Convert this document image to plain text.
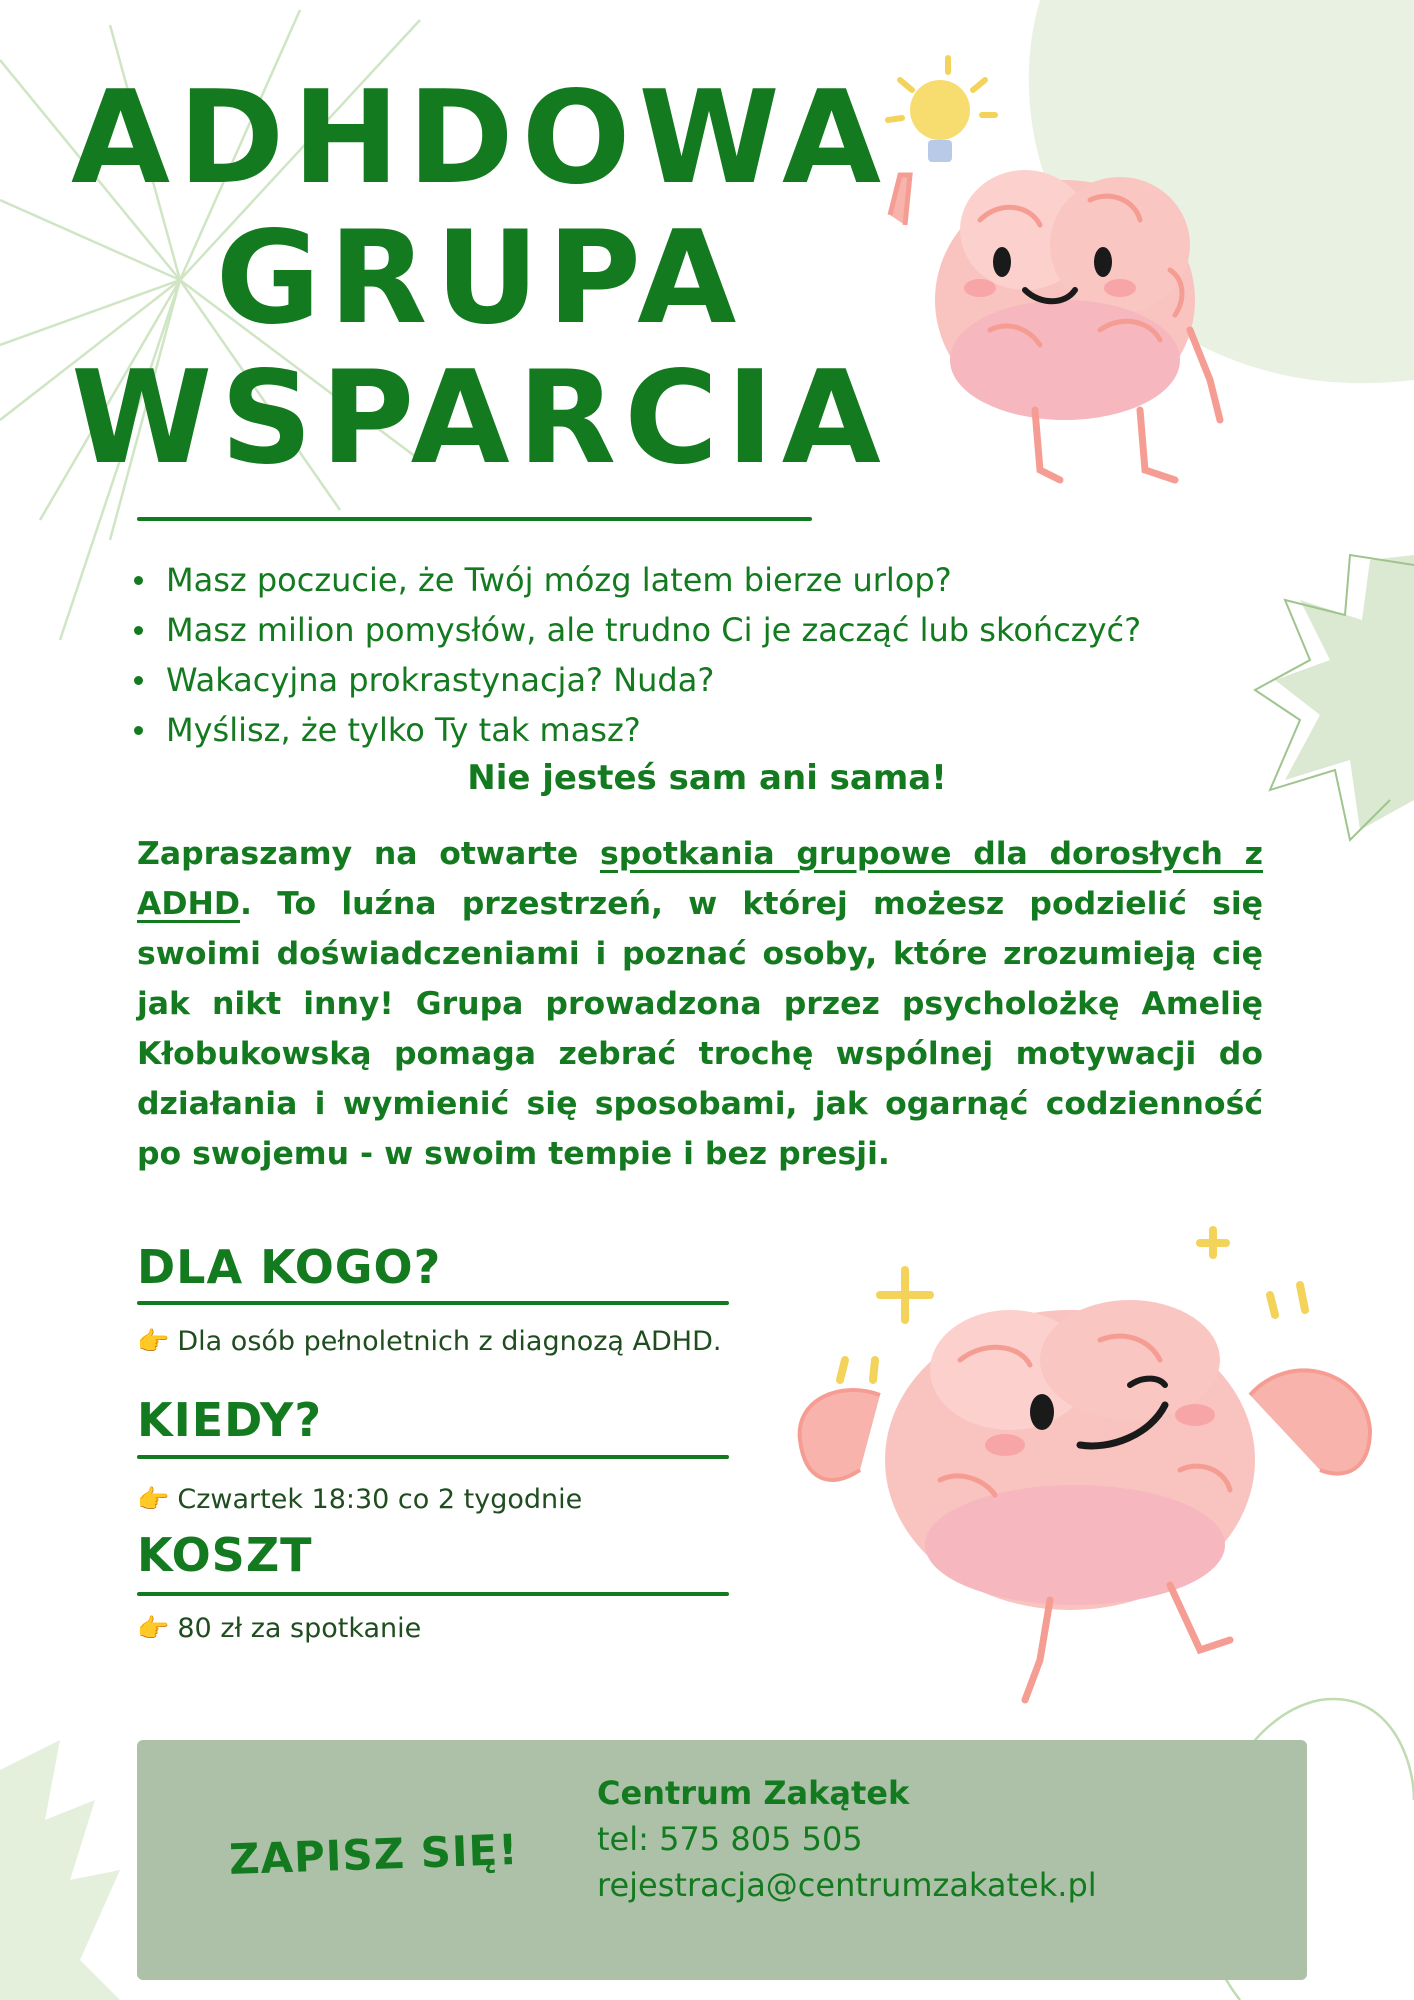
ADHDOWA
GRUPA
WSPARCIA
Masz poczucie, że Twój mózg latem bierze urlop?
Masz milion pomysłów, ale trudno Ci je zacząć lub skończyć?
Wakacyjna prokrastynacja? Nuda?
Myślisz, że tylko Ty tak masz?
Nie jesteś sam ani sama!
Zapraszamy na otwarte spotkania grupowe dla dorosłych z ADHD. To luźna przestrzeń, w której możesz podzielić się swoimi doświadczeniami i poznać osoby, które zrozumieją cię jak nikt inny! Grupa prowadzona przez psycholożkę Amelię Kłobukowską pomaga zebrać trochę wspólnej motywacji do działania i wymienić się sposobami, jak ogarnąć codzienność po swojemu - w swoim tempie i bez presji.
DLA KOGO?
👉 Dla osób pełnoletnich z diagnozą ADHD.
KIEDY?
👉 Czwartek 18:30 co 2 tygodnie
KOSZT
👉 80 zł za spotkanie
ZAPISZ SIĘ!
Centrum Zakątek
tel: 575 805 505
rejestracja@centrumzakatek.pl
